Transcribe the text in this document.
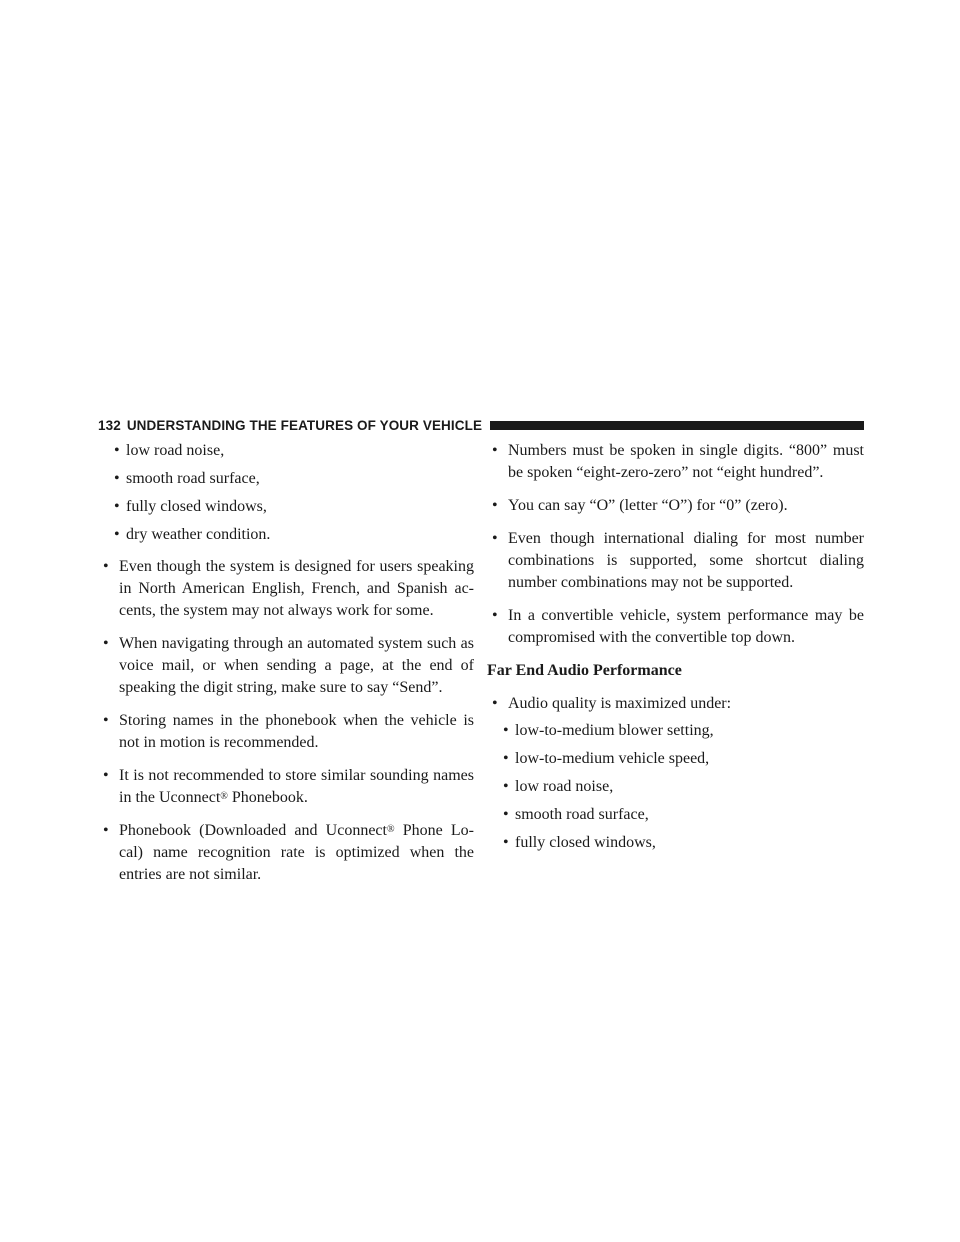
132 UNDERSTANDING THE FEATURES OF YOUR VEHICLE
• low road noise,
• smooth road surface,
• fully closed windows,
• dry weather condition.
• Even though the system is designed for users speaking in North American English, French, and Spanish ac-cents, the system may not always work for some.
• When navigating through an automated system such as voice mail, or when sending a page, at the end of speaking the digit string, make sure to say “Send”.
• Storing names in the phonebook when the vehicle is not in motion is recommended.
• It is not recommended to store similar sounding names in the Uconnect® Phonebook.
• Phonebook (Downloaded and Uconnect® Phone Lo-cal) name recognition rate is optimized when the entries are not similar.
• Numbers must be spoken in single digits. “800” must be spoken “eight-zero-zero” not “eight hundred”.
• You can say “O” (letter “O”) for “0” (zero).
• Even though international dialing for most number combinations is supported, some shortcut dialing number combinations may not be supported.
• In a convertible vehicle, system performance may be compromised with the convertible top down.
Far End Audio Performance
• Audio quality is maximized under:
• low-to-medium blower setting,
• low-to-medium vehicle speed,
• low road noise,
• smooth road surface,
• fully closed windows,
